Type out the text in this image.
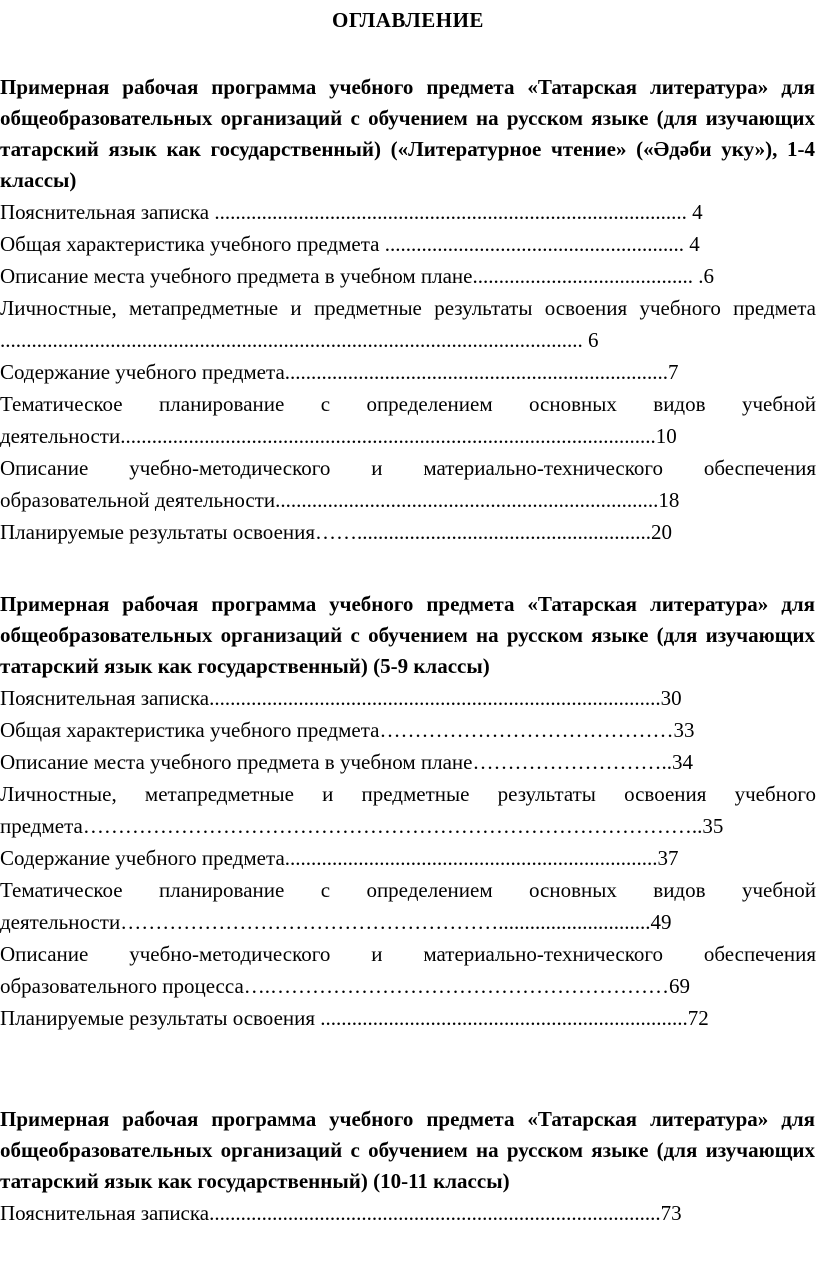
ОГЛАВЛЕНИЕ
Примерная рабочая программа учебного предмета «Татарская литература» для общеобразовательных организаций с обучением на русском языке (для изучающих татарский язык как государственный) («Литературное чтение» («Әдәби уку»), 1-4 классы)
Пояснительная записка .......................................................................................... 4
Общая характеристика учебного предмета ......................................................... 4
Описание места учебного предмета в учебном плане.......................................... .6
Личностные, метапредметные и предметные результаты освоения учебного предмета ............................................................................................................... 6
Содержание учебного предмета.........................................................................7
Тематическое планирование с определением основных видов учебной деятельности......................................................................................................10
Описание учебно-методического и материально-технического обеспечения образовательной деятельности.........................................................................18
Планируемые результаты освоения……........................................................20
Примерная рабочая программа учебного предмета «Татарская литература» для общеобразовательных организаций с обучением на русском языке (для изучающих татарский язык как государственный) (5-9 классы)
Пояснительная записка......................................................................................30
Общая характеристика учебного предмета……………………………………33
Описание места учебного предмета в учебном плане………………………..34
Личностные, метапредметные и предметные результаты освоения учебного предмета……………………………………………………………………………..35
Содержание учебного предмета.......................................................................37
Тематическое планирование с определением основных видов учебной деятельности……………………………………………….............................49
Описание учебно-методического и материально-технического обеспечения образовательного процесса….…………………………………………………69
Планируемые результаты освоения ......................................................................72
Примерная рабочая программа учебного предмета «Татарская литература» для общеобразовательных организаций с обучением на русском языке (для изучающих татарский язык как государственный) (10-11 классы)
Пояснительная записка......................................................................................73
